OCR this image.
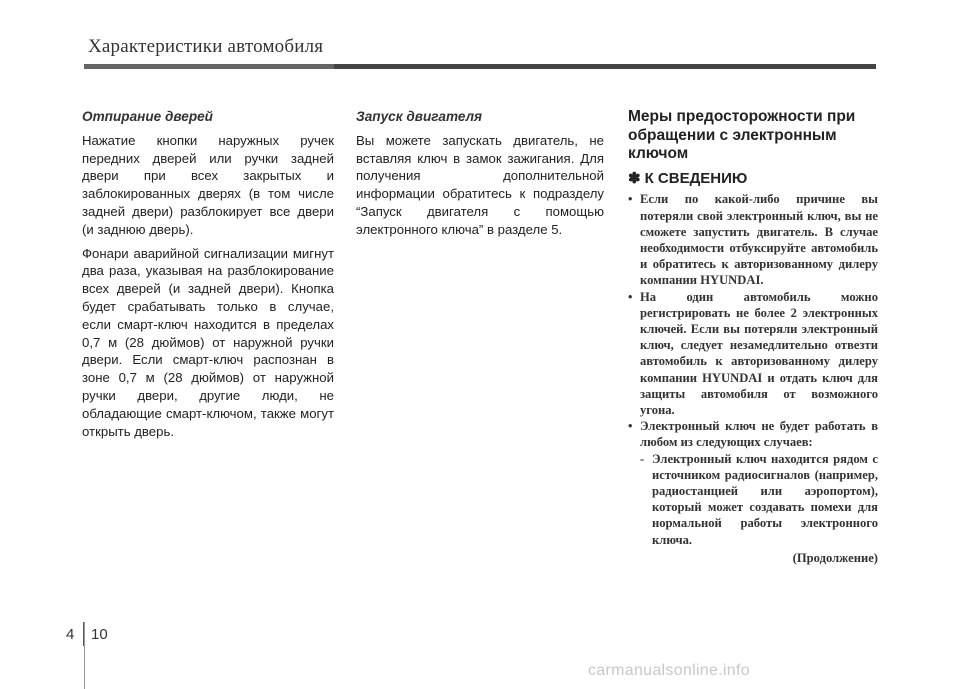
Характеристики автомобиля
Отпирание дверей
Нажатие кнопки наружных ручек передних дверей или ручки задней двери при всех закрытых и заблокированных дверях (в том числе задней двери) разблокирует все двери (и заднюю дверь).
Фонари аварийной сигнализации мигнут два раза, указывая на разблокирование всех дверей (и задней двери). Кнопка будет срабатывать только в случае, если смарт-ключ находится в пределах 0,7 м (28 дюймов) от наружной ручки двери. Если смарт-ключ распознан в зоне 0,7 м (28 дюймов) от наружной ручки двери, другие люди, не обладающие смарт-ключом, также могут открыть дверь.
Запуск двигателя
Вы можете запускать двигатель, не вставляя ключ в замок зажигания. Для получения дополнительной информации обратитесь к подразделу “Запуск двигателя с помощью электронного ключа” в разделе 5.
Меры предосторожности при обращении с электронным ключом
✽ К СВЕДЕНИЮ
• Если по какой-либо причине вы потеряли свой электронный ключ, вы не сможете запустить двигатель. В случае необходимости отбуксируйте автомобиль и обратитесь к авторизованному дилеру компании HYUNDAI.
• На один автомобиль можно регистрировать не более 2 электронных ключей. Если вы потеряли электронный ключ, следует незамедлительно отвезти автомобиль к авторизованному дилеру компании HYUNDAI и отдать ключ для защиты автомобиля от возможного угона.
• Электронный ключ не будет работать в любом из следующих случаев:
- Электронный ключ находится рядом с источником радиосигналов (например, радиостанцией или аэропортом), который может создавать помехи для нормальной работы электронного ключа.
(Продолжение)
4 10
carmanualsonline.info
